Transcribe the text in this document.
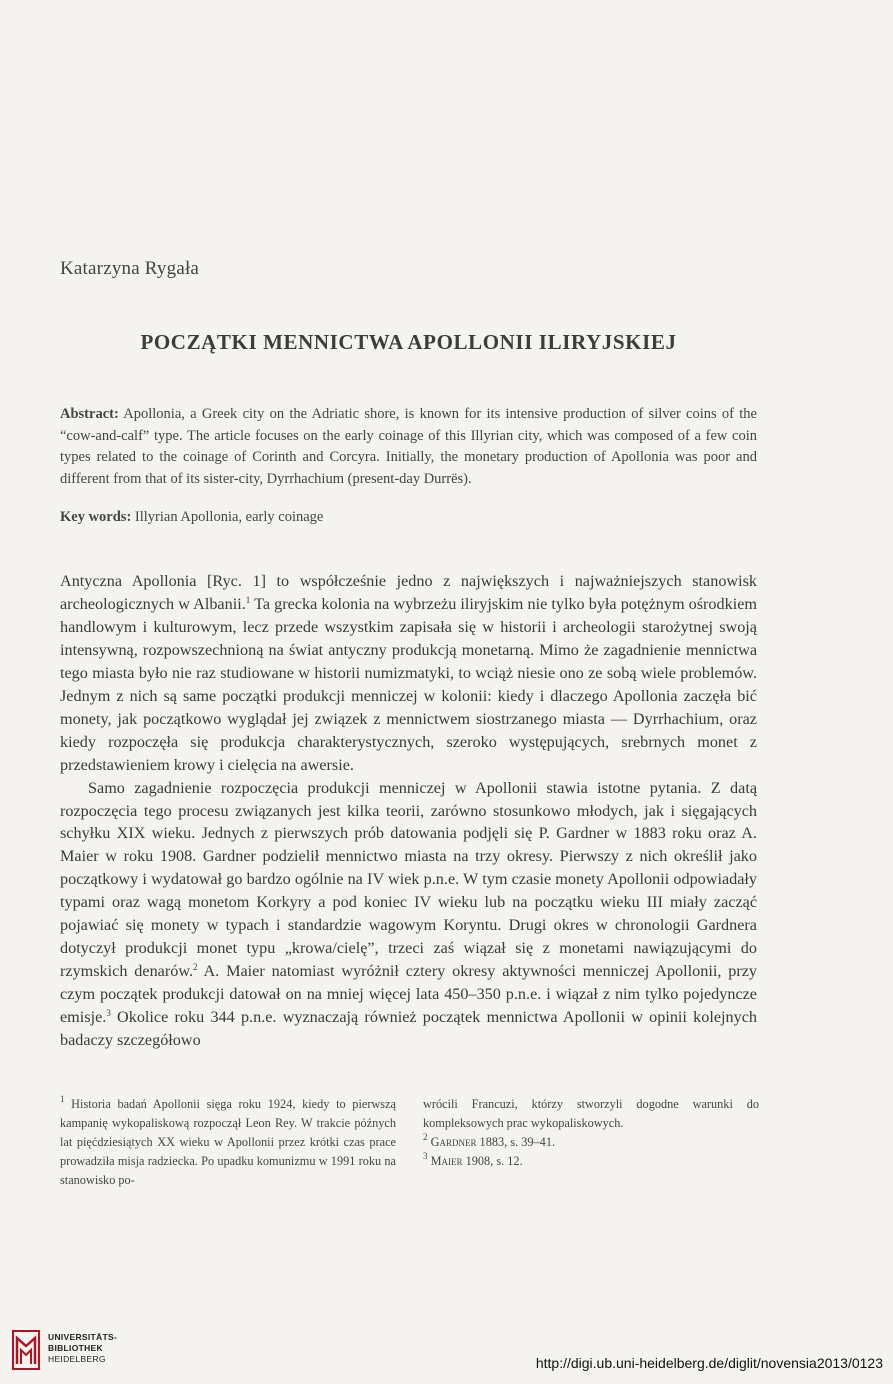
Katarzyna Rygała
POCZĄTKI MENNICTWA APOLLONII ILIRYJSKIEJ
Abstract: Apollonia, a Greek city on the Adriatic shore, is known for its intensive production of silver coins of the “cow-and-calf” type. The article focuses on the early coinage of this Illyrian city, which was composed of a few coin types related to the coinage of Corinth and Corcyra. Initially, the monetary production of Apollonia was poor and different from that of its sister-city, Dyrrhachium (present-day Durrës).
Key words: Illyrian Apollonia, early coinage

Antyczna Apollonia [Ryc. 1] to współcześnie jedno z największych i najważniejszych stanowisk archeologicznych w Albanii.$^1$ Ta grecka kolonia na wybrzeżu iliryjskim nie tylko była potężnym ośrodkiem handlowym i kulturowym, lecz przede wszystkim zapisała się w historii i archeologii starożytnej swoją intensywną, rozpowszechnioną na świat antyczny produkcją monetarną. Mimo że zagadnienie mennictwa tego miasta było nie raz studiowane w historii numizmatyki, to wciąż niesie ono ze sobą wiele problemów. Jednym z nich są same początki produkcji menniczej w kolonii: kiedy i dlaczego Apollonia zaczęła bić monety, jak początkowo wyglądał jej związek z mennictwem siostrzanego miasta — Dyrrhachium, oraz kiedy rozpoczęła się produkcja charakterystycznych, szeroko występujących, srebrnych monet z przedstawieniem krowy i cielęcia na awersie.

Samo zagadnienie rozpoczęcia produkcji menniczej w Apollonii stawia istotne pytania. Z datą rozpoczęcia tego procesu związanych jest kilka teorii, zarówno stosunkowo młodych, jak i sięgających schyłku XIX wieku. Jednych z pierwszych prób datowania podjęli się P. Gardner w 1883 roku oraz A. Maier w roku 1908. Gardner podzielił mennictwo miasta na trzy okresy. Pierwszy z nich określił jako początkowy i wydatował go bardzo ogólnie na IV wiek p.n.e. W tym czasie monety Apollonii odpowiadały typami oraz wagą monetom Korkyry a pod koniec IV wieku lub na początku wieku III miały zacząć pojawiać się monety w typach i standardzie wagowym Koryntu. Drugi okres w chronologii Gardnera dotyczył produkcji monet typu „krowa/cielę”, trzeci zaś wiązał się z monetami nawiązującymi do rzymskich denarów.$^2$ A. Maier natomiast wyróżnił cztery okresy aktywności menniczej Apollonii, przy czym początek produkcji datował on na mniej więcej lata 450–350 p.n.e. i wiązał z nim tylko pojedyncze emisje.$^3$ Okolice roku 344 p.n.e. wyznaczają również początek mennictwa Apollonii w opinii kolejnych badaczy szczegółowo

$^1$ Historia badań Apollonii sięga roku 1924, kiedy to pierwszą kampanię wykopaliskową rozpoczął Leon Rey. W trakcie późnych lat pięćdziesiątych XX wieku w Apollonii przez krótki czas prace prowadziła misja radziecka. Po upadku komunizmu w 1991 roku na stanowisko po-

wrócili Francuzi, którzy stworzyli dogodne warunki do kompleksowych prac wykopaliskowych.

$^2$ Gardner 1883, s. 39–41.

$^3$ Maier 1908, s. 12.

UNIVERSITÄTS-
BIBLIOTHEK
HEIDELBERG	http://digi.ub.uni-heidelberg.de/diglit/novensia2013/0123
